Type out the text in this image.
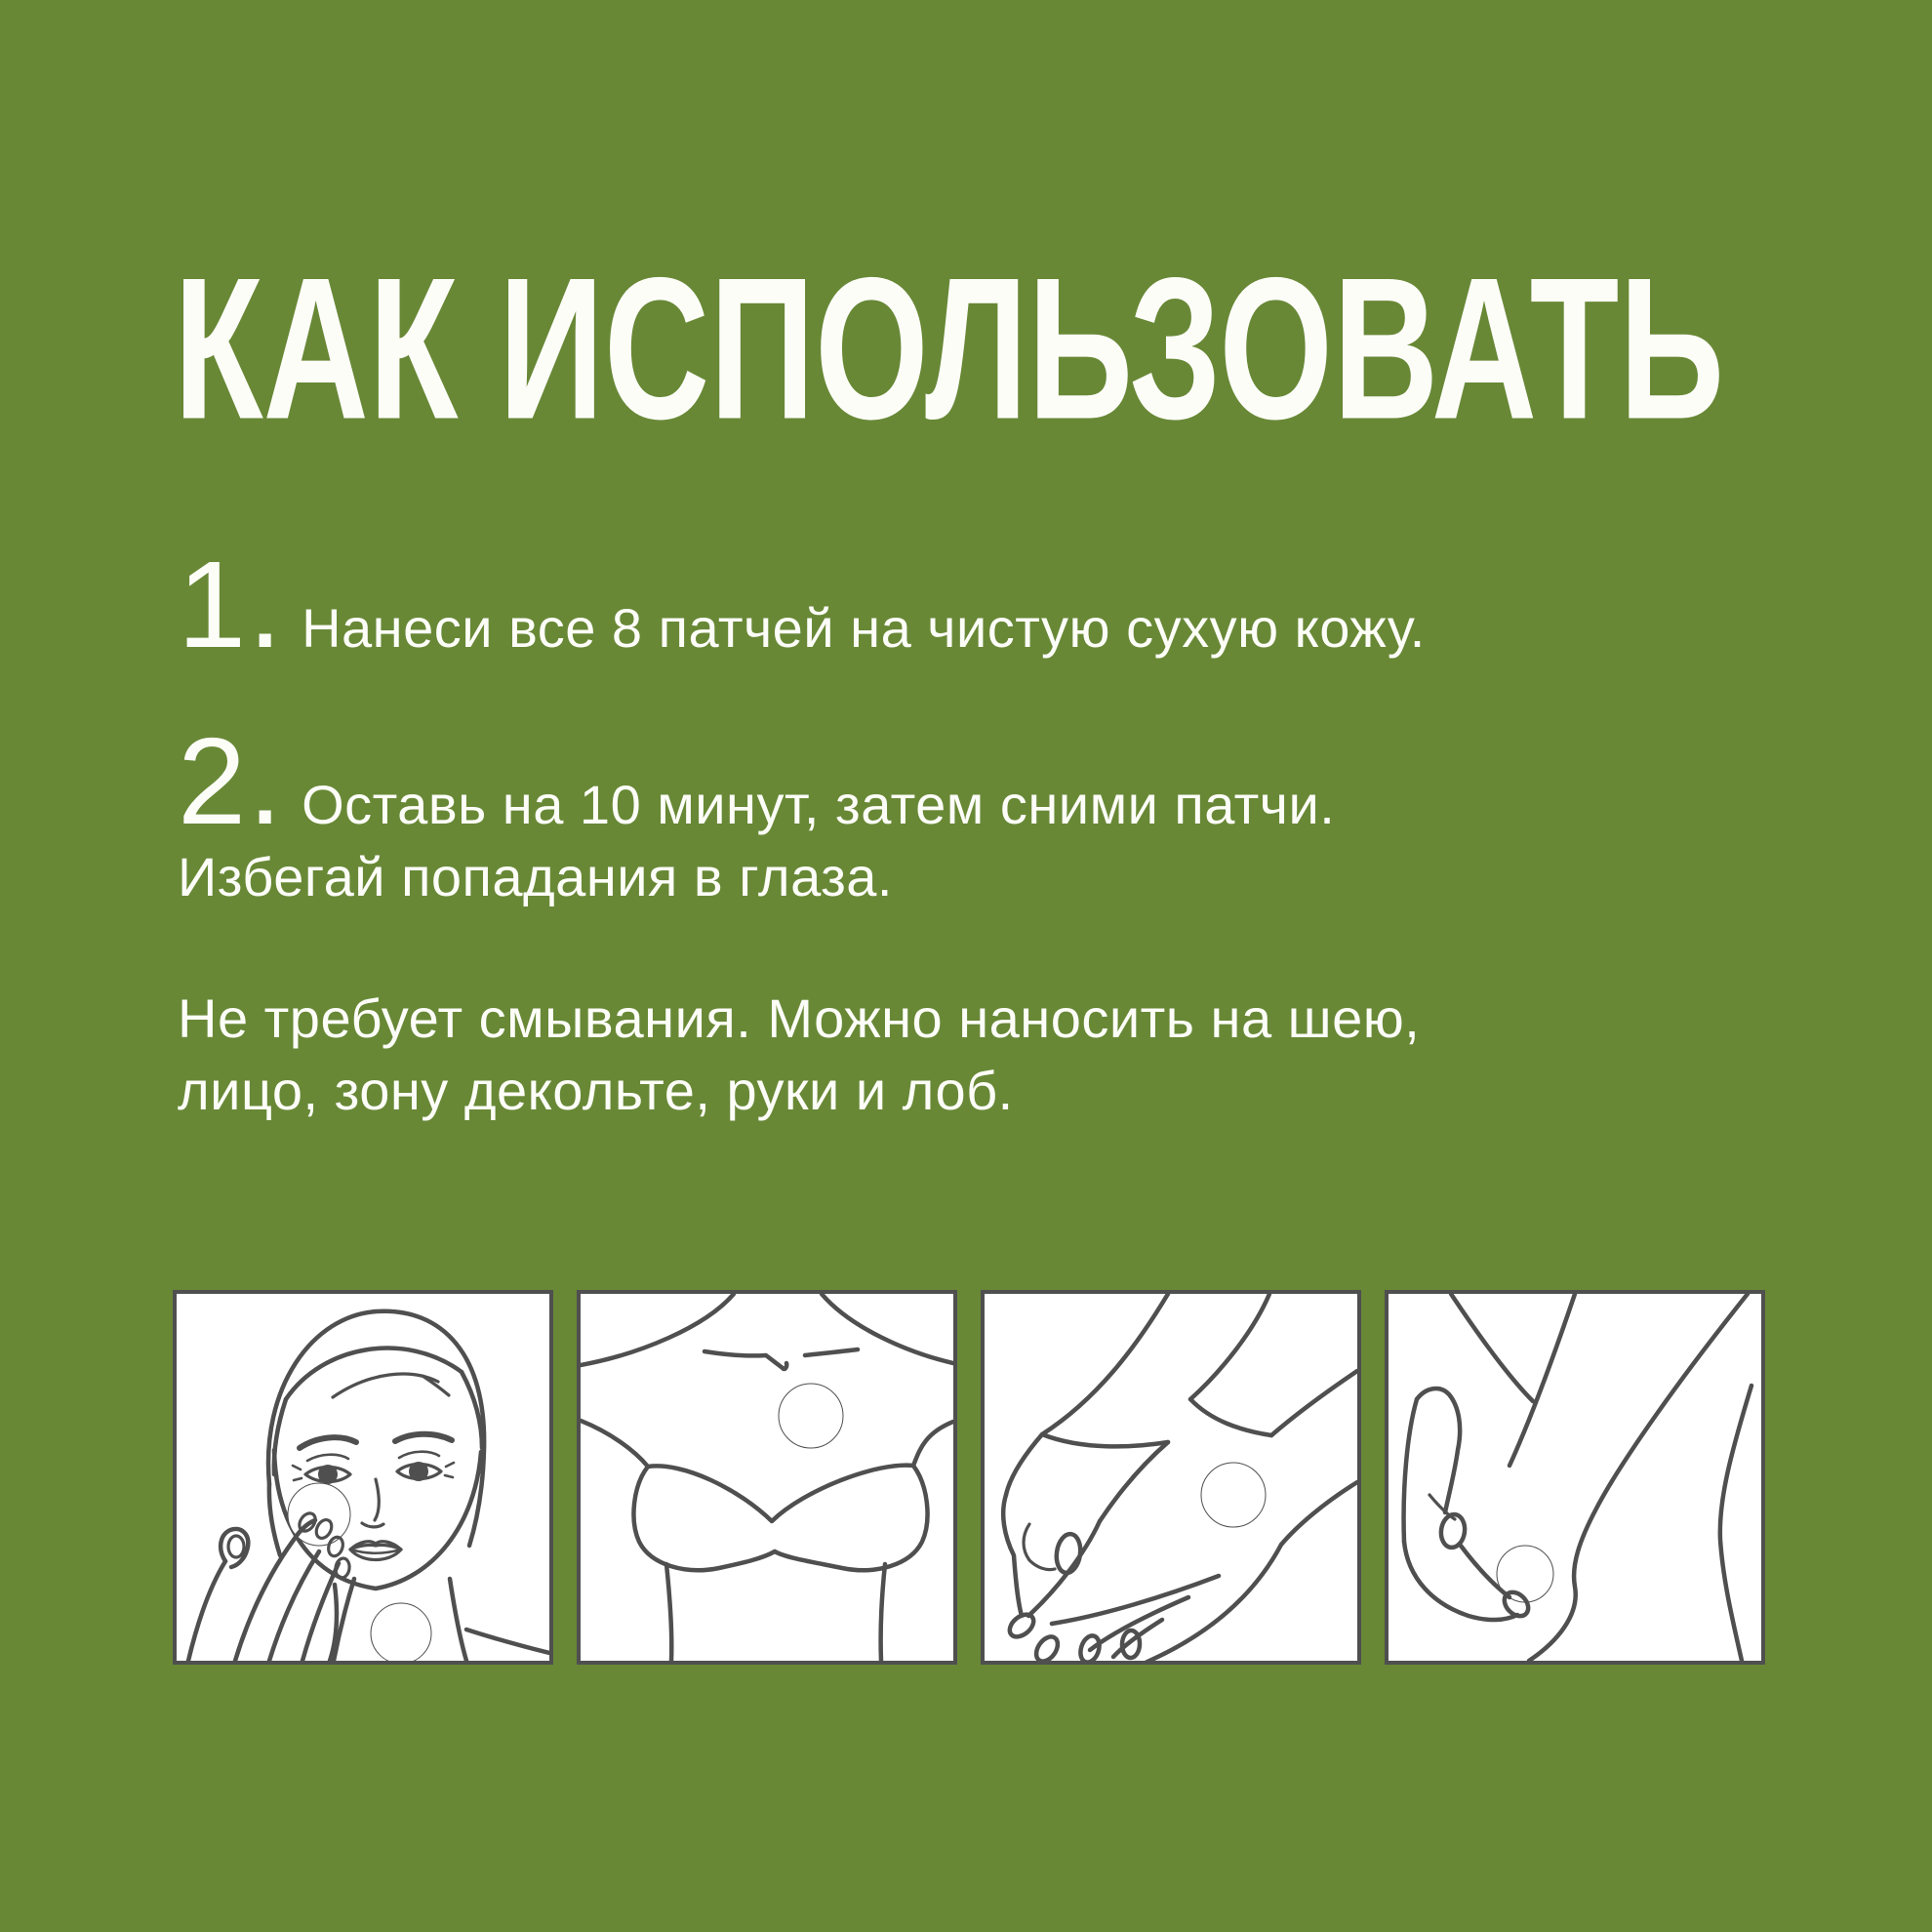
КАК ИСПОЛЬЗОВАТЬ

1. Нанеси все 8 патчей на чистую сухую кожу.

2. Оставь на 10 минут, затем сними патчи.
Избегай попадания в глаза.

Не требует смывания. Можно наносить на шею,
лицо, зону декольте, руки и лоб.
